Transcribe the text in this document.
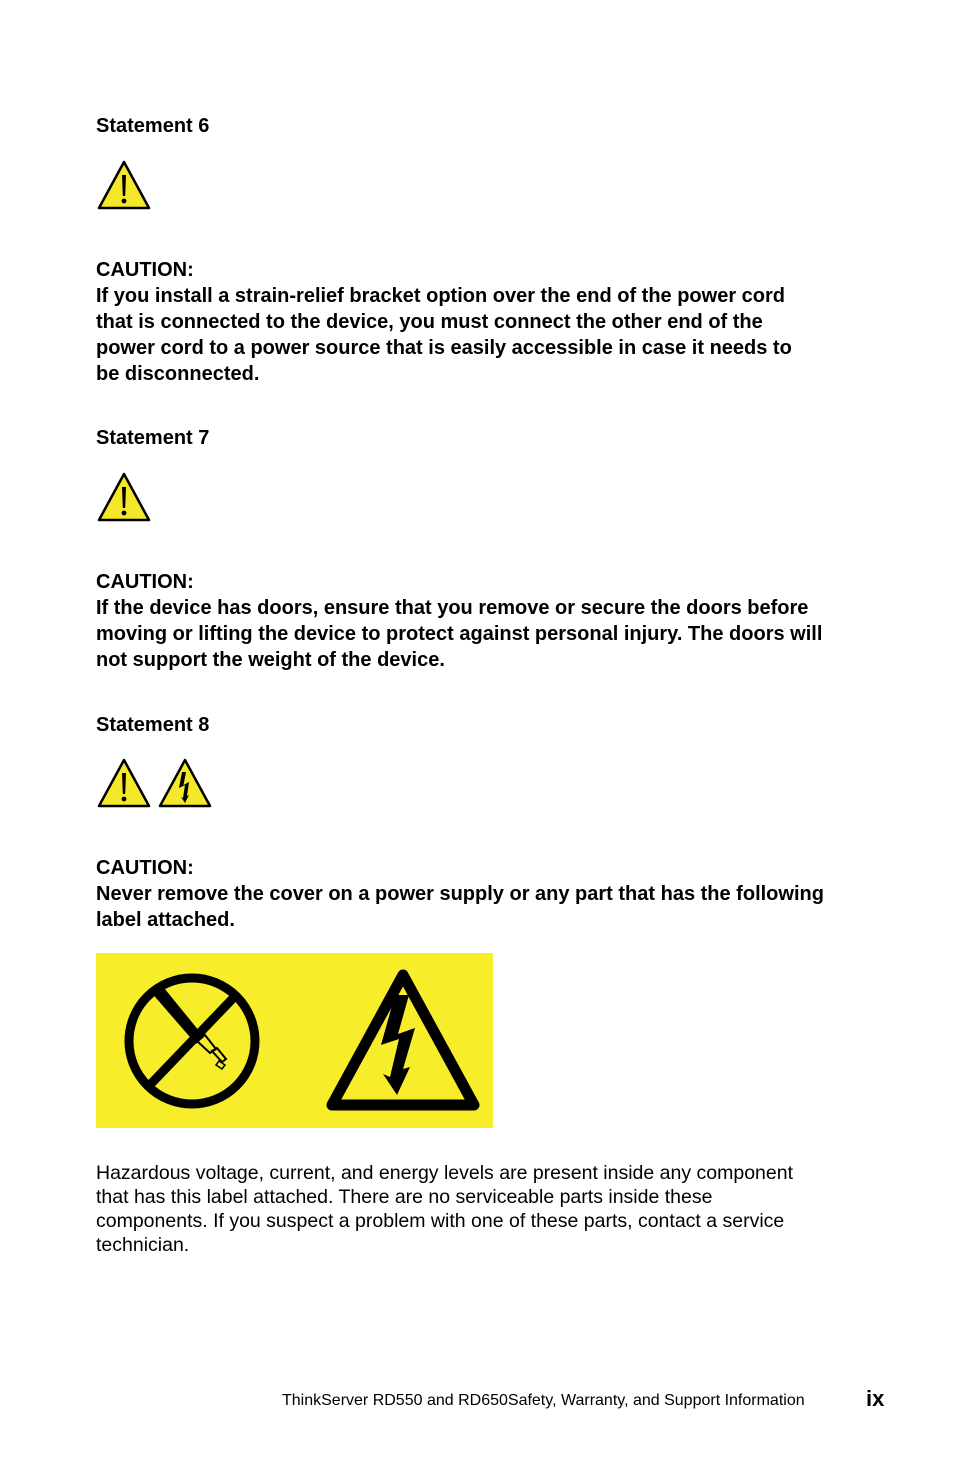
Statement 6
CAUTION:
If you install a strain-relief bracket option over the end of the power cord
that is connected to the device, you must connect the other end of the
power cord to a power source that is easily accessible in case it needs to
be disconnected.
Statement 7
CAUTION:
If the device has doors, ensure that you remove or secure the doors before
moving or lifting the device to protect against personal injury. The doors will
not support the weight of the device.
Statement 8
CAUTION:
Never remove the cover on a power supply or any part that has the following
label attached.
Hazardous voltage, current, and energy levels are present inside any component
that has this label attached. There are no serviceable parts inside these
components. If you suspect a problem with one of these parts, contact a service
technician.
ThinkServer RD550 and RD650Safety, Warranty, and Support Information	ix
